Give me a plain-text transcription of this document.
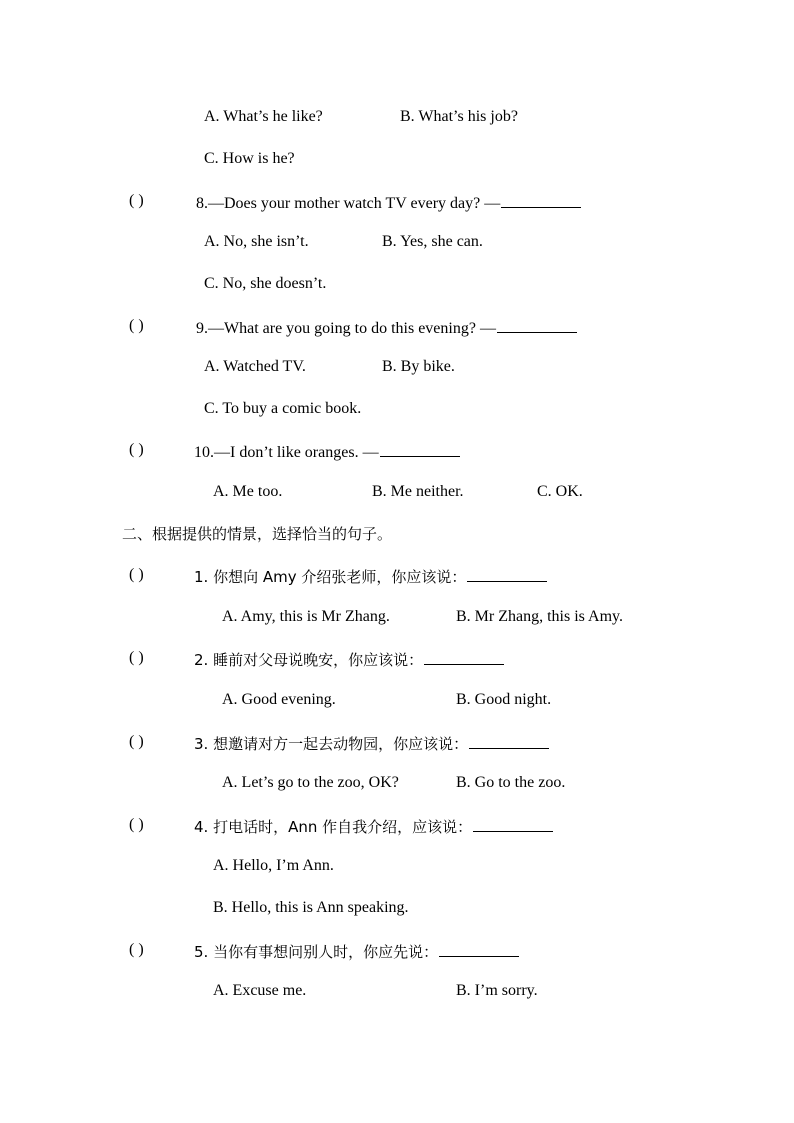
A. What’s he like?	B. What’s his job?
C. How is he?
( )	8.—Does your mother watch TV every day? —
A. No, she isn’t.	B. Yes, she can.
C. No, she doesn’t.
( )	9.—What are you going to do this evening? —
A. Watched TV.	B. By bike.
C. To buy a comic book.
( )	10.—I don’t like oranges. —
A. Me too.	B. Me neither.	C. OK.
二、根据提供的情景，选择恰当的句子。
( )	1. 你想向 Amy 介绍张老师，你应该说：
A. Amy, this is Mr Zhang.	B. Mr Zhang, this is Amy.
( )	2. 睡前对父母说晚安，你应该说：
A. Good evening.	B. Good night.
( )	3. 想邀请对方一起去动物园，你应该说：
A. Let’s go to the zoo, OK?	B. Go to the zoo.
( )	4. 打电话时，Ann 作自我介绍，应该说：
A. Hello, I’m Ann.
B. Hello, this is Ann speaking.
( )	5. 当你有事想问别人时，你应先说：
A. Excuse me.	B. I’m sorry.
